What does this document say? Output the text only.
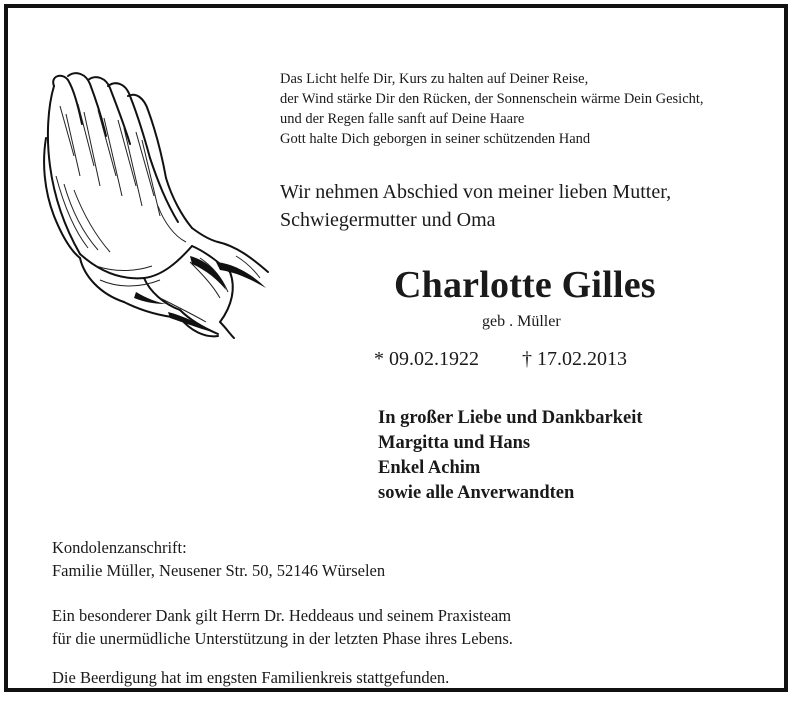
Das Licht helfe Dir, Kurs zu halten auf Deiner Reise,
der Wind stärke Dir den Rücken, der Sonnenschein wärme Dein Gesicht,
und der Regen falle sanft auf Deine Haare
Gott halte Dich geborgen in seiner schützenden Hand
Wir nehmen Abschied von meiner lieben Mutter,
Schwiegermutter und Oma
Charlotte Gilles
geb . Müller
* 09.02.1922 † 17.02.2013
In großer Liebe und Dankbarkeit
Margitta und Hans
Enkel Achim
sowie alle Anverwandten
Kondolenzanschrift:
Familie Müller, Neusener Str. 50, 52146 Würselen
Ein besonderer Dank gilt Herrn Dr. Heddeaus und seinem Praxisteam
für die unermüdliche Unterstützung in der letzten Phase ihres Lebens.
Die Beerdigung hat im engsten Familienkreis stattgefunden.
